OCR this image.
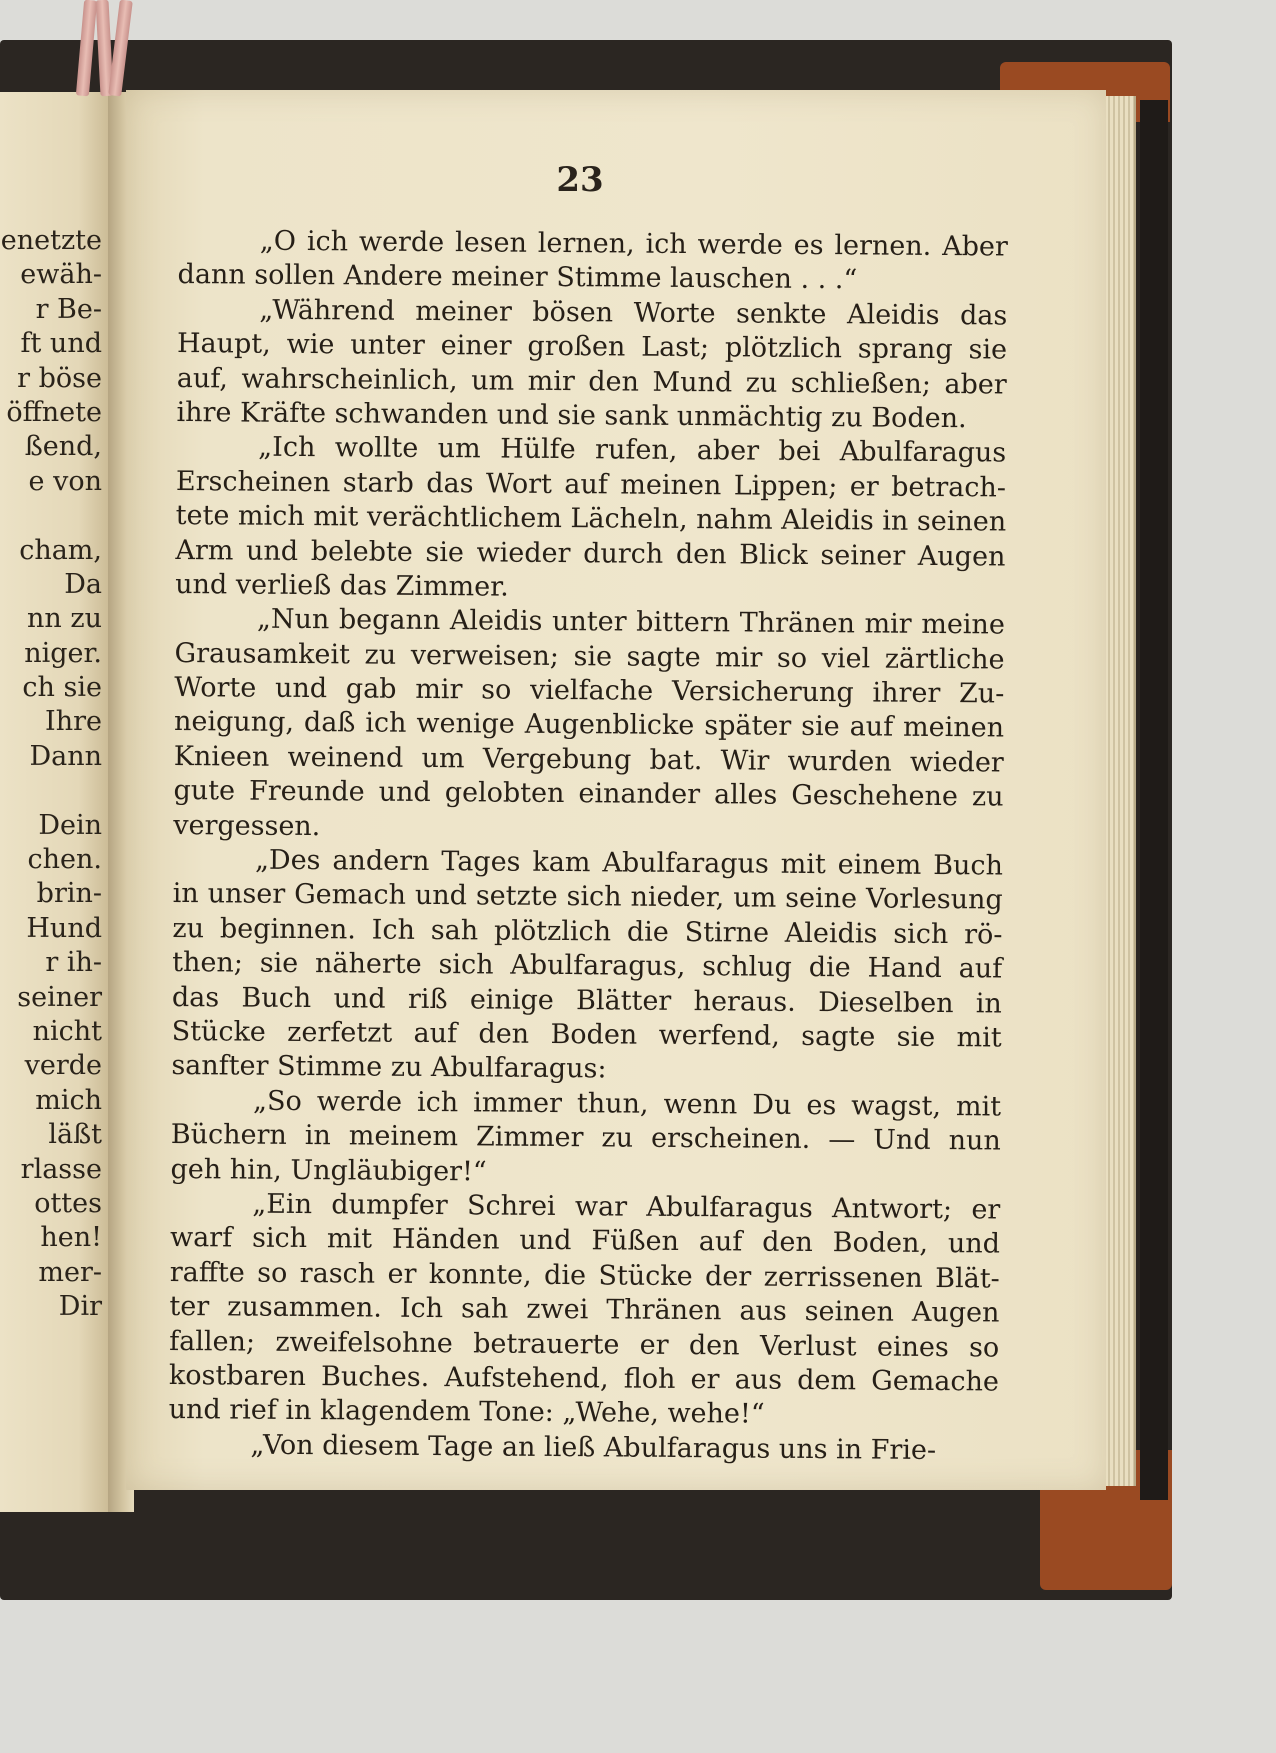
enetzte
ewäh-
r Be-
ft und
r böse
öffnete
ßend,
e von
cham,
Da
nn zu
niger.
ch sie
Ihre
Dann
Dein
chen.
brin-
Hund
r ih-
seiner
nicht
verde
mich
läßt
rlasse
ottes
hen!
mer-
Dir
23
„O ich werde lesen lernen, ich werde es lernen. Aber
dann sollen Andere meiner Stimme lauschen . . .“
„Während meiner bösen Worte senkte Aleidis das
Haupt, wie unter einer großen Last; plötzlich sprang sie
auf, wahrscheinlich, um mir den Mund zu schließen; aber
ihre Kräfte schwanden und sie sank unmächtig zu Boden.
„Ich wollte um Hülfe rufen, aber bei Abulfaragus
Erscheinen starb das Wort auf meinen Lippen; er betrach-
tete mich mit verächtlichem Lächeln, nahm Aleidis in seinen
Arm und belebte sie wieder durch den Blick seiner Augen
und verließ das Zimmer.
„Nun begann Aleidis unter bittern Thränen mir meine
Grausamkeit zu verweisen; sie sagte mir so viel zärtliche
Worte und gab mir so vielfache Versicherung ihrer Zu-
neigung, daß ich wenige Augenblicke später sie auf meinen
Knieen weinend um Vergebung bat. Wir wurden wieder
gute Freunde und gelobten einander alles Geschehene zu
vergessen.
„Des andern Tages kam Abulfaragus mit einem Buch
in unser Gemach und setzte sich nieder, um seine Vorlesung
zu beginnen. Ich sah plötzlich die Stirne Aleidis sich rö-
then; sie näherte sich Abulfaragus, schlug die Hand auf
das Buch und riß einige Blätter heraus. Dieselben in
Stücke zerfetzt auf den Boden werfend, sagte sie mit
sanfter Stimme zu Abulfaragus:
„So werde ich immer thun, wenn Du es wagst, mit
Büchern in meinem Zimmer zu erscheinen. — Und nun
geh hin, Ungläubiger!“
„Ein dumpfer Schrei war Abulfaragus Antwort; er
warf sich mit Händen und Füßen auf den Boden, und
raffte so rasch er konnte, die Stücke der zerrissenen Blät-
ter zusammen. Ich sah zwei Thränen aus seinen Augen
fallen; zweifelsohne betrauerte er den Verlust eines so
kostbaren Buches. Aufstehend, floh er aus dem Gemache
und rief in klagendem Tone: „Wehe, wehe!“
„Von diesem Tage an ließ Abulfaragus uns in Frie-
